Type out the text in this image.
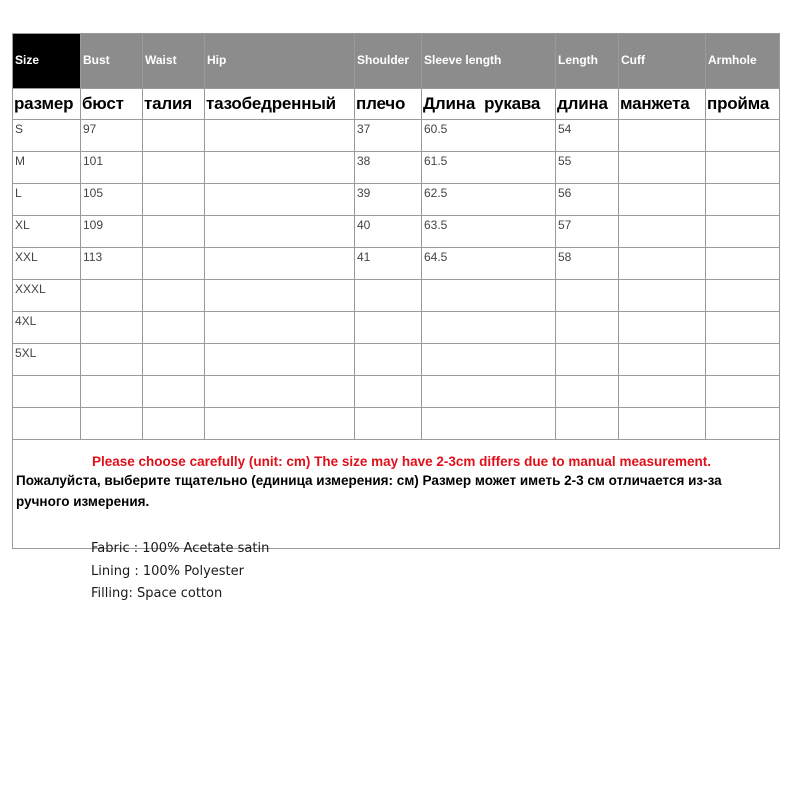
Size	Bust	Waist	Hip	Shoulder	Sleeve length	Length	Cuff	Armhole
размер	бюст	талия	тазобедренный	плечо	Длина  рукава	длина	манжета	пройма
S	97			37	60.5	54		
M	101			38	61.5	55		
L	105			39	62.5	56		
XL	109			40	63.5	57		
XXL	113			41	64.5	58		
XXXL								
4XL								
5XL								

Please choose carefully (unit: cm) The size may have 2-3cm differs due to manual measurement.
Пожалуйста, выберите тщательно (единица измерения: см) Размер может иметь 2-3 см отличается из-за ручного измерения.								
Fabric : 100% Acetate satin
Lining : 100% Polyester
Filling: Space cotton
